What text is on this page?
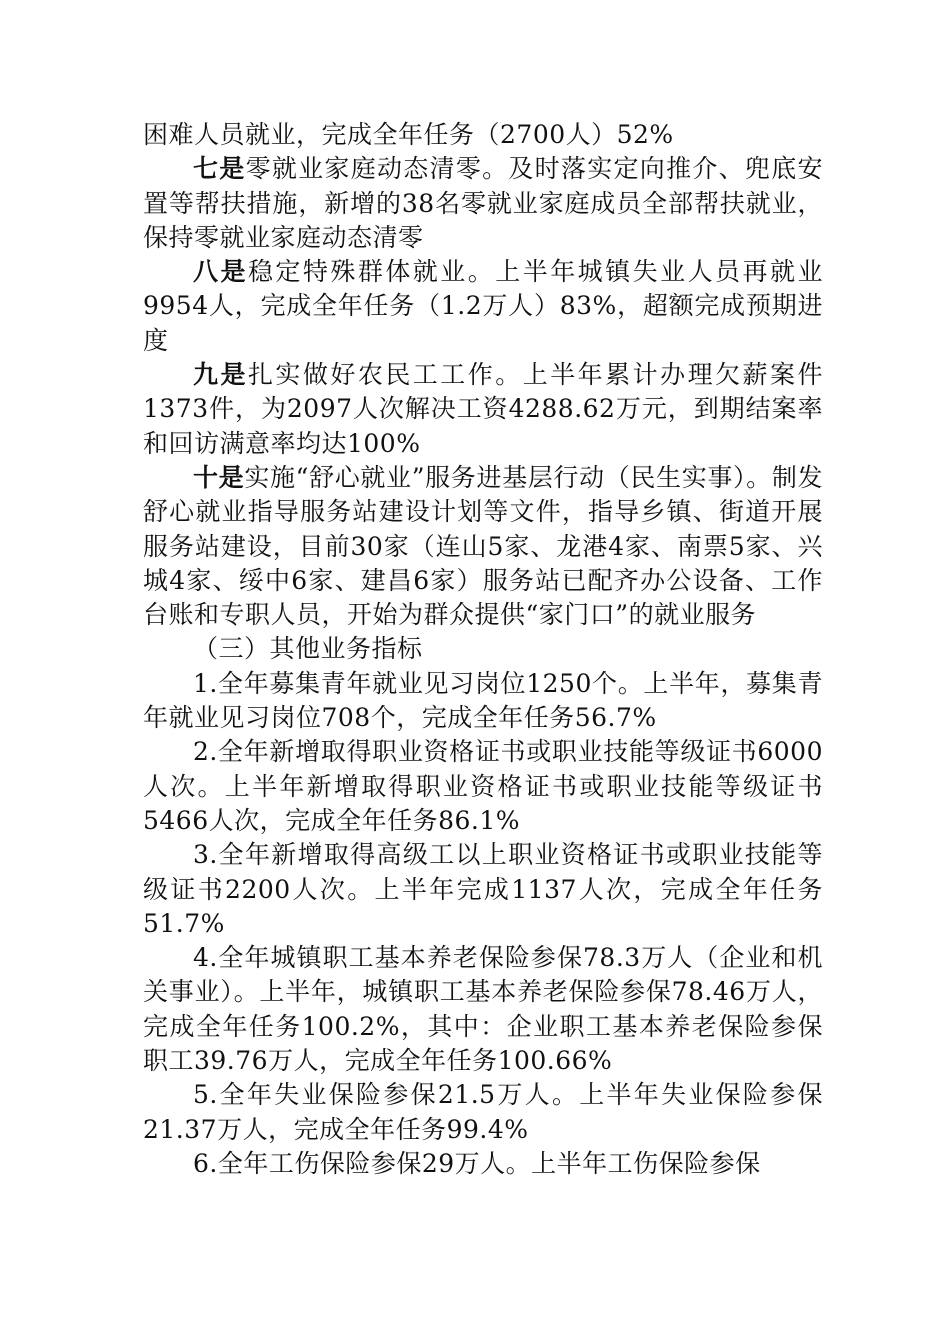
困难人员就业，完成全年任务（2700人）52%

七是零就业家庭动态清零。及时落实定向推介、兜底安置等帮扶措施，新增的38名零就业家庭成员全部帮扶就业，保持零就业家庭动态清零

八是稳定特殊群体就业。上半年城镇失业人员再就业9954人，完成全年任务（1.2万人）83%，超额完成预期进度

九是扎实做好农民工工作。上半年累计办理欠薪案件1373件，为2097人次解决工资4288.62万元，到期结案率和回访满意率均达100%

十是实施“舒心就业”服务进基层行动（民生实事）。制发舒心就业指导服务站建设计划等文件，指导乡镇、街道开展服务站建设，目前30家（连山5家、龙港4家、南票5家、兴城4家、绥中6家、建昌6家）服务站已配齐办公设备、工作台账和专职人员，开始为群众提供“家门口”的就业服务

（三）其他业务指标

1.全年募集青年就业见习岗位1250个。上半年，募集青年就业见习岗位708个，完成全年任务56.7%

2.全年新增取得职业资格证书或职业技能等级证书6000人次。上半年新增取得职业资格证书或职业技能等级证书5466人次，完成全年任务86.1%

3.全年新增取得高级工以上职业资格证书或职业技能等级证书2200人次。上半年完成1137人次，完成全年任务51.7%

4.全年城镇职工基本养老保险参保78.3万人（企业和机关事业）。上半年，城镇职工基本养老保险参保78.46万人，完成全年任务100.2%，其中：企业职工基本养老保险参保职工39.76万人，完成全年任务100.66%

5.全年失业保险参保21.5万人。上半年失业保险参保21.37万人，完成全年任务99.4%

6.全年工伤保险参保29万人。上半年工伤保险参保
